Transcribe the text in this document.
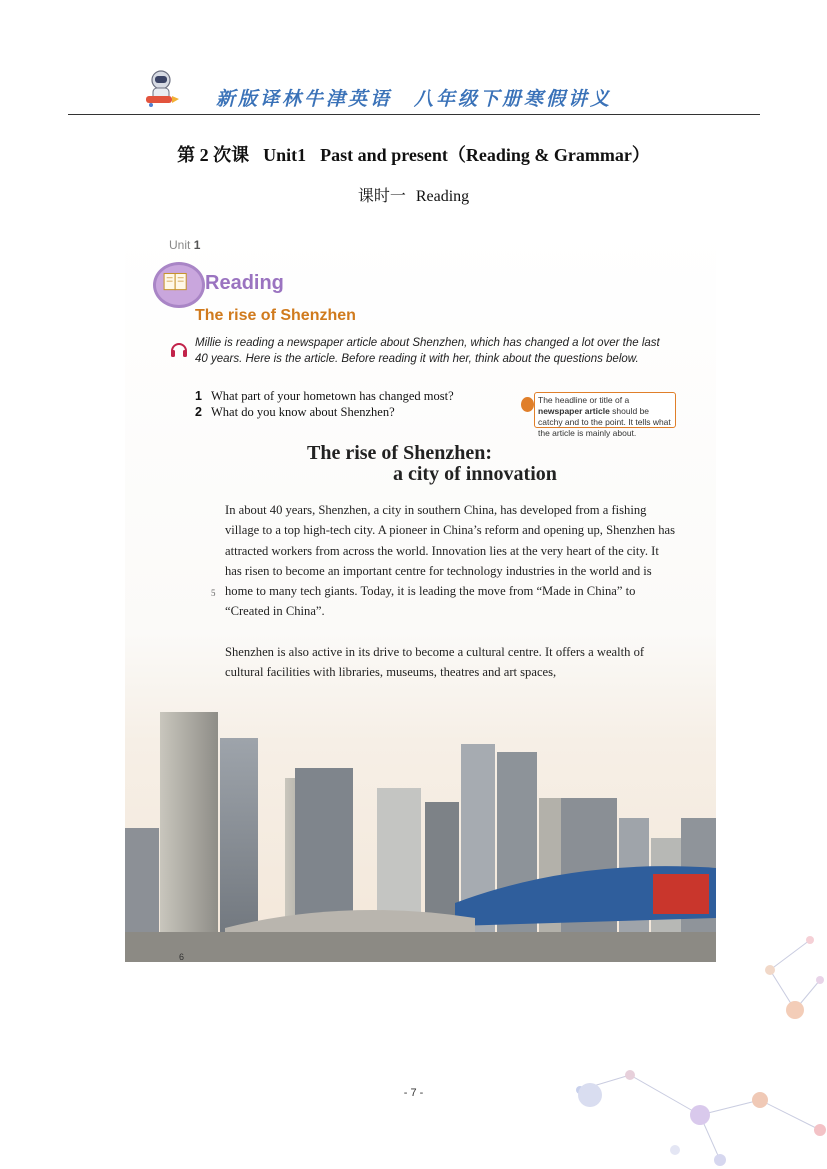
新版译林牛津英语　八年级下册寒假讲义
第 2 次课 Unit1 Past and present（Reading & Grammar）
课时一 Reading
Unit 1
Reading
The rise of Shenzhen
Millie is reading a newspaper article about Shenzhen, which has changed a lot over the last 40 years. Here is the article. Before reading it with her, think about the questions below.
1 What part of your hometown has changed most?
2 What do you know about Shenzhen?
The headline or title of a newspaper article should be catchy and to the point. It tells what the article is mainly about.
The rise of Shenzhen:
a city of innovation
5

In about 40 years, Shenzhen, a city in southern China, has developed from a fishing village to a top high-tech city. A pioneer in China’s reform and opening up, Shenzhen has attracted workers from across the world. Innovation lies at the very heart of the city. It has risen to become an important centre for technology industries in the world and is home to many tech giants. Today, it is leading the move from “Made in China” to “Created in China”.

Shenzhen is also active in its drive to become a cultural centre. It offers a wealth of cultural facilities with libraries, museums, theatres and art spaces,

6
- 7 -
